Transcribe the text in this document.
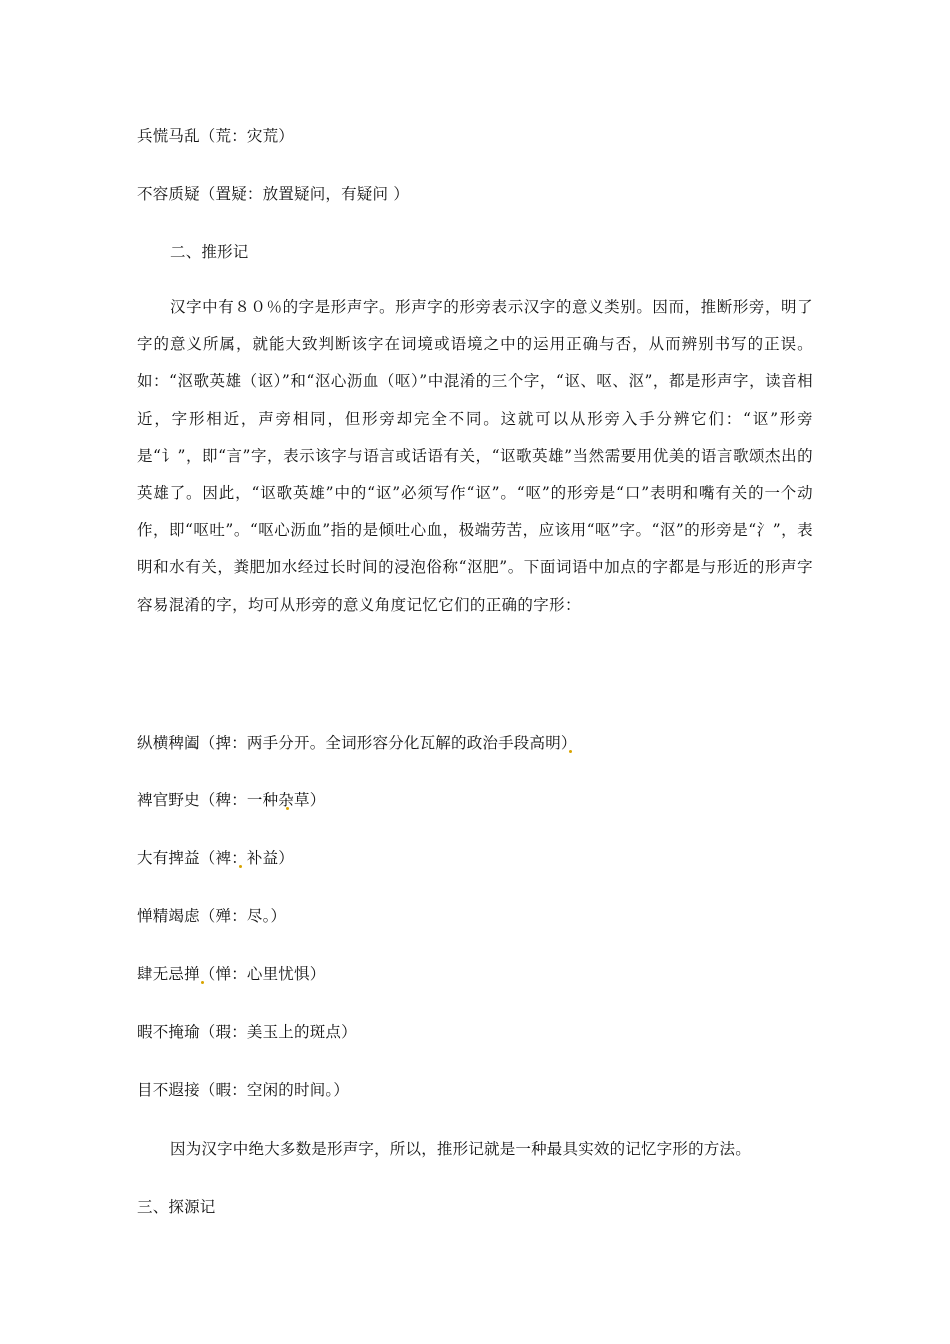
兵慌马乱（荒：灾荒）
不容质疑（置疑：放置疑问，有疑问 ）
二、推形记

汉字中有８０％的字是形声字。形声字的形旁表示汉字的意义类别。因而，推断形旁，明了字的意义所属，就能大致判断该字在词境或语境之中的运用正确与否，从而辨别书写的正误。如：“沤歌英雄（讴）”和“沤心沥血（呕）”中混淆的三个字，“讴、呕、沤”，都是形声字，读音相近，字形相近，声旁相同，但形旁却完全不同。这就可以从形旁入手分辨它们：“讴”形旁是“讠”，即“言”字，表示该字与语言或话语有关，“讴歌英雄”当然需要用优美的语言歌颂杰出的英雄了。因此，“讴歌英雄”中的“讴”必须写作“讴”。“呕”的形旁是“口”表明和嘴有关的一个动作，即“呕吐”。“呕心沥血”指的是倾吐心血，极端劳苦，应该用“呕”字。“沤”的形旁是“氵”，表明和水有关，粪肥加水经过长时间的浸泡俗称“沤肥”。下面词语中加点的字都是与形近的形声字容易混淆的字，均可从形旁的意义角度记忆它们的正确的字形：

纵横稗阖（捭：两手分开。全词形容分化瓦解的政治手段高明）
裨官野史（稗：一种杂草）
大有捭益（裨：补益）
惮精竭虑（殚：尽。）
肆无忌掸（惮：心里忧惧）
暇不掩瑜（瑕：美玉上的斑点）
目不遐接（暇：空闲的时间。）
因为汉字中绝大多数是形声字，所以，推形记就是一种最具实效的记忆字形的方法。
三、探源记
